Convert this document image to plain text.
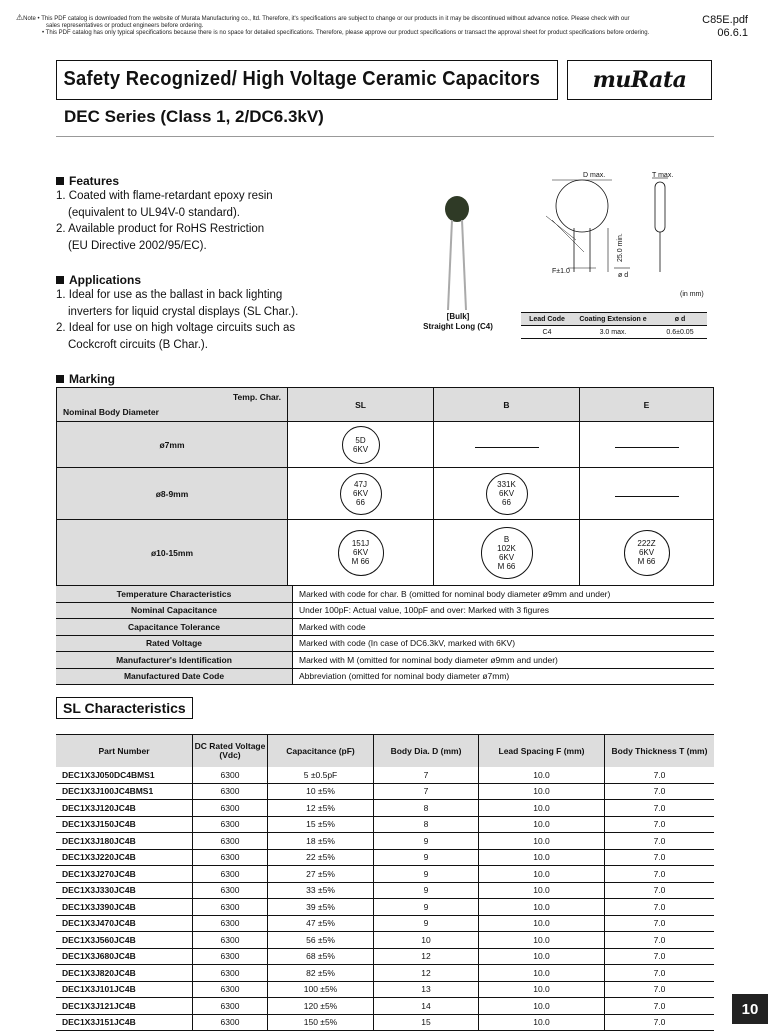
⚠Note • This PDF catalog is downloaded from the website of Murata Manufacturing co., ltd. Therefore, it's specifications are subject to change or our products in it may be discontinued without advance notice. Please check with our
sales representatives or product engineers before ordering.
• This PDF catalog has only typical specifications because there is no space for detailed specifications. Therefore, please approve our product specifications or transact the approval sheet for product specifications before ordering.
C85E.pdf
06.6.1
Safety Recognized/ High Voltage Ceramic Capacitors muRata
DEC Series (Class 1, 2/DC6.3kV)
Features
1. Coated with flame-retardant epoxy resin
(equivalent to UL94V-0 standard).
2. Available product for RoHS Restriction
(EU Directive 2002/95/EC).
Applications
1. Ideal for use as the ballast in back lighting
inverters for liquid crystal displays (SL Char.).
2. Ideal for use on high voltage circuits such as
Cockcroft circuits (B Char.).
[Bulk]
Straight Long (C4)
D max.	T max.
25.0 min.
F±1.0
ø d
(in mm)
Lead Code	Coating Extension e	ø d
C4	3.0 max.	0.6±0.05
Marking
Temp. Char.
Nominal Body Diameter	SL	B	E
ø7mm	5D
6KV		

ø8-9mm	47J
6KV
66	331K
6KV
66	

ø10-15mm	151J
6KV
M 66	B
102K
6KV
M 66	222Z
6KV
M 66
Temperature Characteristics	Marked with code for char. B (omitted for nominal body diameter ø9mm and under)
Nominal Capacitance	Under 100pF: Actual value, 100pF and over: Marked with 3 figures
Capacitance Tolerance	Marked with code
Rated Voltage	Marked with code (In case of DC6.3kV, marked with 6KV)
Manufacturer's Identification	Marked with M (omitted for nominal body diameter ø9mm and under)
Manufactured Date Code	Abbreviation (omitted for nominal body diameter ø7mm)
SL Characteristics
Part Number	DC Rated Voltage (Vdc)	Capacitance (pF)	Body Dia. D (mm)	Lead Spacing F (mm)	Body Thickness T (mm)
DEC1X3J050DC4BMS1	6300	5 ±0.5pF	7	10.0	7.0
DEC1X3J100JC4BMS1	6300	10 ±5%	7	10.0	7.0
DEC1X3J120JC4B	6300	12 ±5%	8	10.0	7.0
DEC1X3J150JC4B	6300	15 ±5%	8	10.0	7.0
DEC1X3J180JC4B	6300	18 ±5%	9	10.0	7.0
DEC1X3J220JC4B	6300	22 ±5%	9	10.0	7.0
DEC1X3J270JC4B	6300	27 ±5%	9	10.0	7.0
DEC1X3J330JC4B	6300	33 ±5%	9	10.0	7.0
DEC1X3J390JC4B	6300	39 ±5%	9	10.0	7.0
DEC1X3J470JC4B	6300	47 ±5%	9	10.0	7.0
DEC1X3J560JC4B	6300	56 ±5%	10	10.0	7.0
DEC1X3J680JC4B	6300	68 ±5%	12	10.0	7.0
DEC1X3J820JC4B	6300	82 ±5%	12	10.0	7.0
DEC1X3J101JC4B	6300	100 ±5%	13	10.0	7.0
DEC1X3J121JC4B	6300	120 ±5%	14	10.0	7.0
DEC1X3J151JC4B	6300	150 ±5%	15	10.0	7.0
10
